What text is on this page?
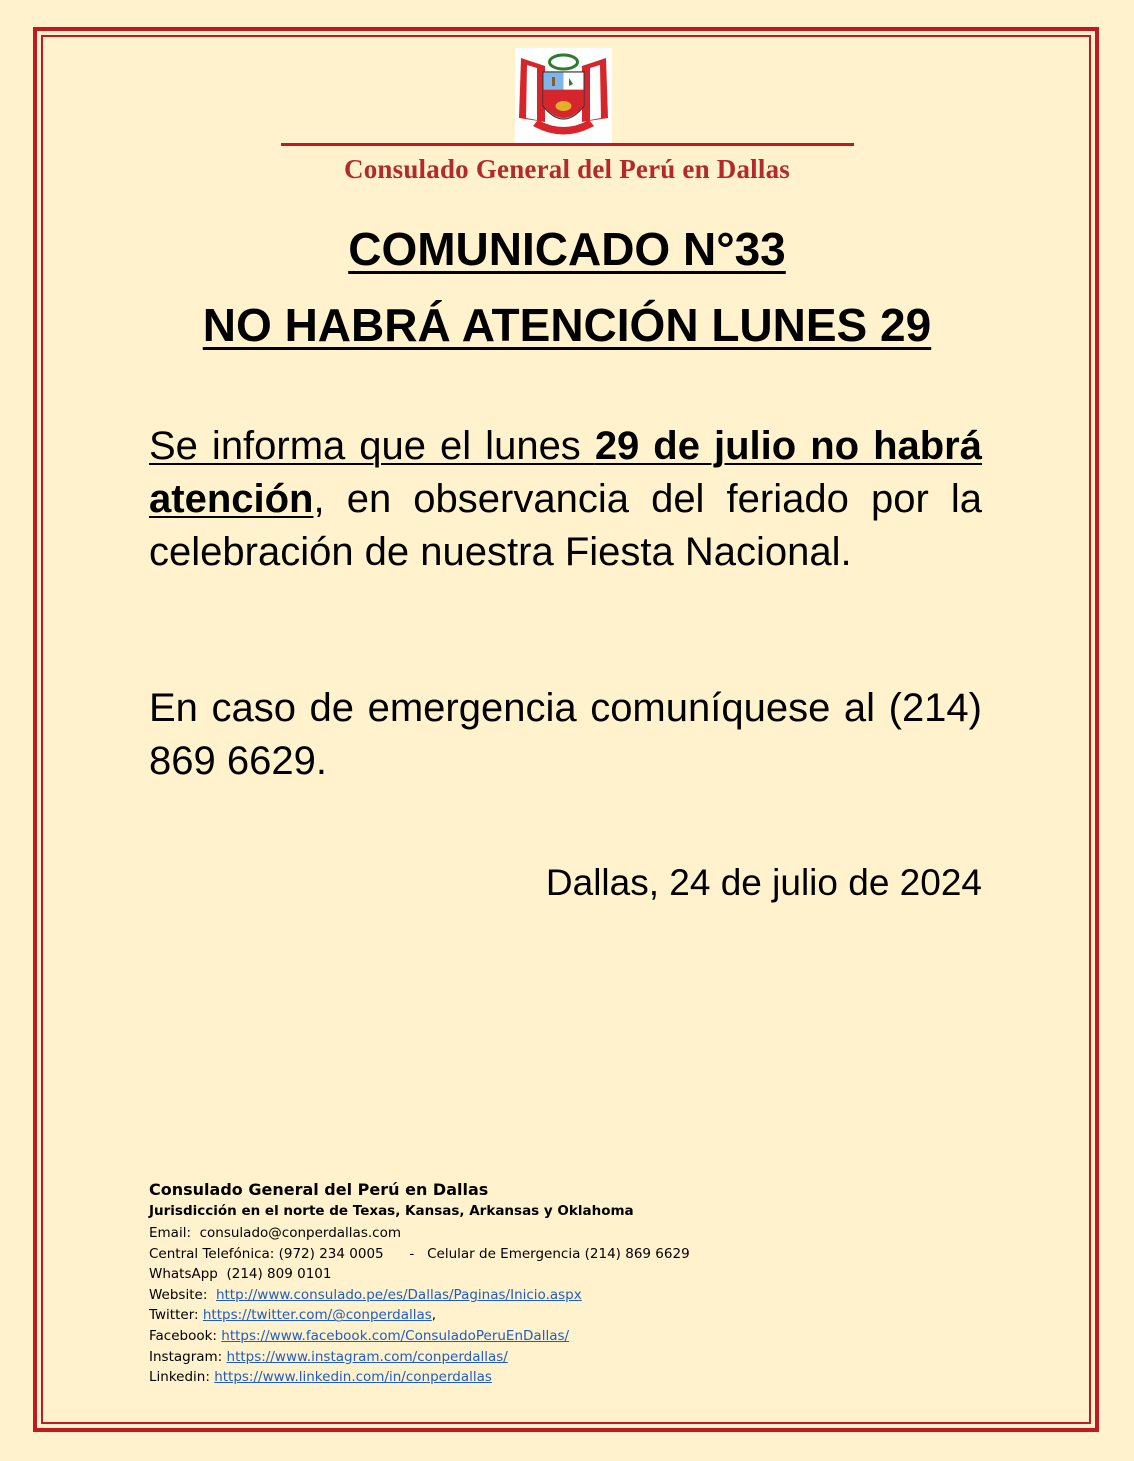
Consulado General del Perú en Dallas
COMUNICADO N°33
NO HABRÁ ATENCIÓN LUNES 29
Se informa que el lunes 29 de julio no habrá atención, en observancia del feriado por la celebración de nuestra Fiesta Nacional.
En caso de emergencia comuníquese al (214) 869 6629.
Dallas, 24 de julio de 2024
Consulado General del Perú en Dallas
Jurisdicción en el norte de Texas, Kansas, Arkansas y Oklahoma
Email:  consulado@conperdallas.com
Central Telefónica: (972) 234 0005      -   Celular de Emergencia (214) 869 6629
WhatsApp  (214) 809 0101
Website:  http://www.consulado.pe/es/Dallas/Paginas/Inicio.aspx
Twitter: https://twitter.com/@conperdallas,
Facebook: https://www.facebook.com/ConsuladoPeruEnDallas/
Instagram: https://www.instagram.com/conperdallas/
Linkedin: https://www.linkedin.com/in/conperdallas
